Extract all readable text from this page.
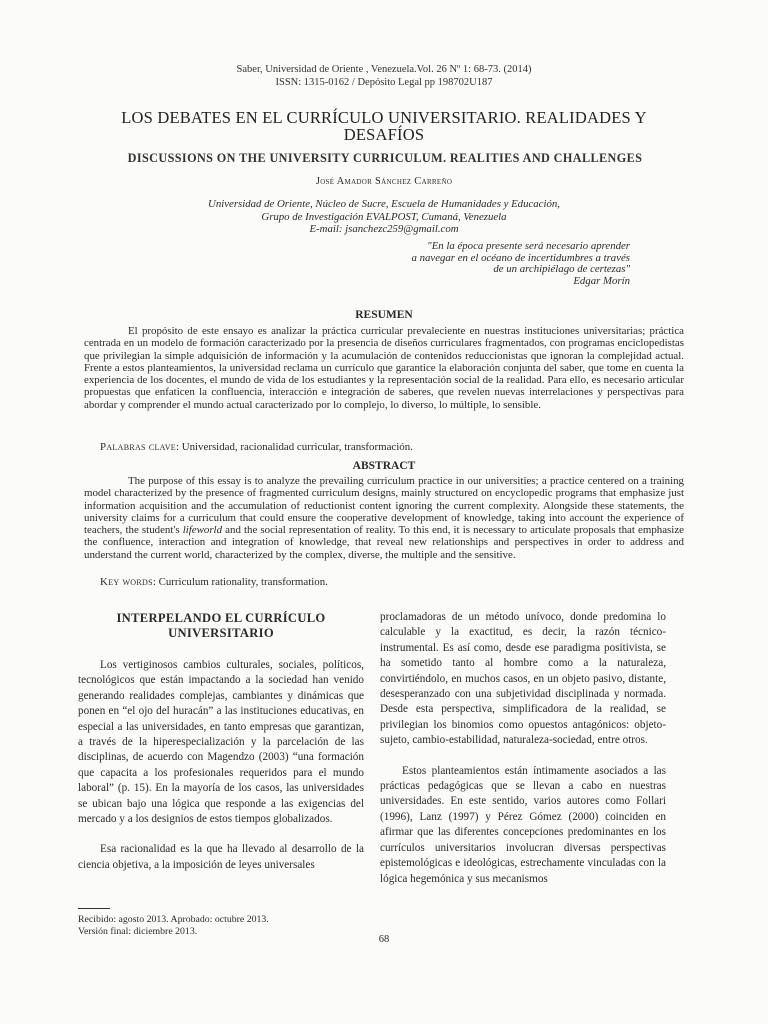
Saber, Universidad de Oriente , Venezuela.Vol. 26 Nº 1: 68-73. (2014)
ISSN: 1315-0162 / Depósito Legal pp 198702U187
LOS DEBATES EN EL CURRÍCULO UNIVERSITARIO. REALIDADES Y
DESAFÍOS
DISCUSSIONS ON THE UNIVERSITY CURRICULUM. REALITIES AND CHALLENGES
José Amador Sánchez Carreño
Universidad de Oriente, Núcleo de Sucre, Escuela de Humanidades y Educación,
Grupo de Investigación EVALPOST, Cumaná, Venezuela
E-mail: jsanchezc259@gmail.com
"En la época presente será necesario aprender
a navegar en el océano de incertidumbres a través
de un archipiélago de certezas"
Edgar Morín
RESUMEN
El propósito de este ensayo es analizar la práctica curricular prevaleciente en nuestras instituciones universitarias; práctica centrada en un modelo de formación caracterizado por la presencia de diseños curriculares fragmentados, con programas enciclopedistas que privilegian la simple adquisición de información y la acumulación de contenidos reduccionistas que ignoran la complejidad actual. Frente a estos planteamientos, la universidad reclama un currículo que garantice la elaboración conjunta del saber, que tome en cuenta la experiencia de los docentes, el mundo de vida de los estudiantes y la representación social de la realidad. Para ello, es necesario articular propuestas que enfaticen la confluencia, interacción e integración de saberes, que revelen nuevas interrelaciones y perspectivas para abordar y comprender el mundo actual caracterizado por lo complejo, lo diverso, lo múltiple, lo sensible.
Palabras clave: Universidad, racionalidad curricular, transformación.
ABSTRACT
The purpose of this essay is to analyze the prevailing curriculum practice in our universities; a practice centered on a training model characterized by the presence of fragmented curriculum designs, mainly structured on encyclopedic programs that emphasize just information acquisition and the accumulation of reductionist content ignoring the current complexity. Alongside these statements, the university claims for a curriculum that could ensure the cooperative development of knowledge, taking into account the experience of teachers, the student's lifeworld and the social representation of reality. To this end, it is necessary to articulate proposals that emphasize the confluence, interaction and integration of knowledge, that reveal new relationships and perspectives in order to address and understand the current world, characterized by the complex, diverse, the multiple and the sensitive.
Key words: Curriculum rationality, transformation.
INTERPELANDO EL CURRÍCULO
UNIVERSITARIO

Los vertiginosos cambios culturales, sociales, políticos, tecnológicos que están impactando a la sociedad han venido generando realidades complejas, cambiantes y dinámicas que ponen en “el ojo del huracán” a las instituciones educativas, en especial a las universidades, en tanto empresas que garantizan, a través de la hiperespecialización y la parcelación de las disciplinas, de acuerdo con Magendzo (2003) “una formación que capacita a los profesionales requeridos para el mundo laboral” (p. 15). En la mayoría de los casos, las universidades se ubican bajo una lógica que responde a las exigencias del mercado y a los designios de estos tiempos globalizados.

Esa racionalidad es la que ha llevado al desarrollo de la ciencia objetiva, a la imposición de leyes universales

proclamadoras de un método unívoco, donde predomina lo calculable y la exactitud, es decir, la razón técnico-instrumental. Es así como, desde ese paradigma positivista, se ha sometido tanto al hombre como a la naturaleza, convirtiéndolo, en muchos casos, en un objeto pasivo, distante, desesperanzado con una subjetividad disciplinada y normada. Desde esta perspectiva, simplificadora de la realidad, se privilegian los binomios como opuestos antagónicos: objeto-sujeto, cambio-estabilidad, naturaleza-sociedad, entre otros.

Estos planteamientos están íntimamente asociados a las prácticas pedagógicas que se llevan a cabo en nuestras universidades. En este sentido, varios autores como Follari (1996), Lanz (1997) y Pérez Gómez (2000) coinciden en afirmar que las diferentes concepciones predominantes en los currículos universitarios involucran diversas perspectivas epistemológicas e ideológicas, estrechamente vinculadas con la lógica hegemónica y sus mecanismos

Recibido: agosto 2013. Aprobado: octubre 2013.
Versión final: diciembre 2013.
68
